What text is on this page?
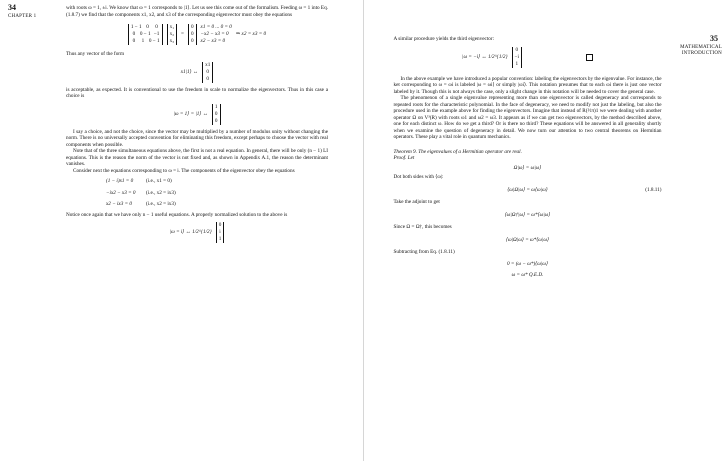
34
CHAPTER 1

with roots ω = 1, ±i. We know that ω = 1 corresponds to |1⟩. Let us see this come out of the formalism. Feeding ω = 1 into Eq. (1.8.7) we find that the components x1, x2, and x3 of the corresponding eigenvector must obey the equations

1 − 1 0	0
0 0 − 1 −1
0	1 0 − 1
x₁
x₂
x₃
=
0
0
0
x1 = 0 ... 0 = 0
−x2 − x3 = 0
x2 − x3 = 0
⇒ x2 = x3 = 0

Thus any vector of the form

x1|1⟩ ↔
x1
0
0

is acceptable, as expected. It is conventional to use the freedom in scale to normalize the eigenvectors. Thus in this case a choice is

|ω = 1⟩ = |1⟩ ↔
1
0
0

I say a choice, and not the choice, since the vector may be multiplied by a number of modulus unity without changing the norm. There is no universally accepted convention for eliminating this freedom, except perhaps to choose the vector with real components when possible.

Note that of the three simultaneous equations above, the first is not a real equation. In general, there will be only (n − 1) LI equations. This is the reason the norm of the vector is not fixed and, as shown in Appendix A.1, the reason the determinant vanishes.

Consider next the equations corresponding to ω = i. The components of the eigenvector obey the equations

(1 − i)x1 = 0	(i.e., x1 = 0)
−ix2 − x3 = 0	(i.e., x2 = ix3)
x2 − ix3 = 0	(i.e., x2 = ix3)

Notice once again that we have only n − 1 useful equations. A properly normalized solution to the above is

|ω = i⟩ ↔ 1/2^{1/2}
0
i
1
35
MATHEMATICAL INTRODUCTION

A similar procedure yields the third eigenvector:

|ω = −i⟩ ↔ 1/2^{1/2}
0
−i
1

In the above example we have introduced a popular convention: labeling the eigenvectors by the eigenvalue. For instance, the ket corresponding to ω = ωi is labeled |ω = ωi⟩ or simply |ωi⟩. This notation presumes that to each ωi there is just one vector labeled by it. Though this is not always the case, only a slight change in this notation will be needed to cover the general case.

The phenomenon of a single eigenvalue representing more than one eigenvector is called degeneracy and corresponds to repeated roots for the characteristic polynomial. In the face of degeneracy, we need to modify not just the labeling, but also the procedure used in the example above for finding the eigenvectors. Imagine that instead of R(½π)1 we were dealing with another operator Ω on V³(R) with roots ω1 and ω2 = ω3. It appears as if we can get two eigenvectors, by the method described above, one for each distinct ω. How do we get a third? Or is there no third? These equations will be answered in all generality shortly when we examine the question of degeneracy in detail. We now turn our attention to two central theorems on Hermitian operators. These play a vital role in quantum mechanics.

Theorem 9. The eigenvalues of a Hermitian operator are real.

Proof. Let

Ω|ω⟩ = ω|ω⟩

Dot both sides with ⟨ω|:

⟨ω|Ω|ω⟩ = ω⟨ω|ω⟩	(1.8.11)

Take the adjoint to get

⟨ω|Ω†|ω⟩ = ω*⟨ω|ω⟩

Since Ω = Ω†, this becomes

⟨ω|Ω|ω⟩ = ω*⟨ω|ω⟩

Subtracting from Eq. (1.8.11)

0 = (ω − ω*)⟨ω|ω⟩
ω = ω* Q.E.D.
